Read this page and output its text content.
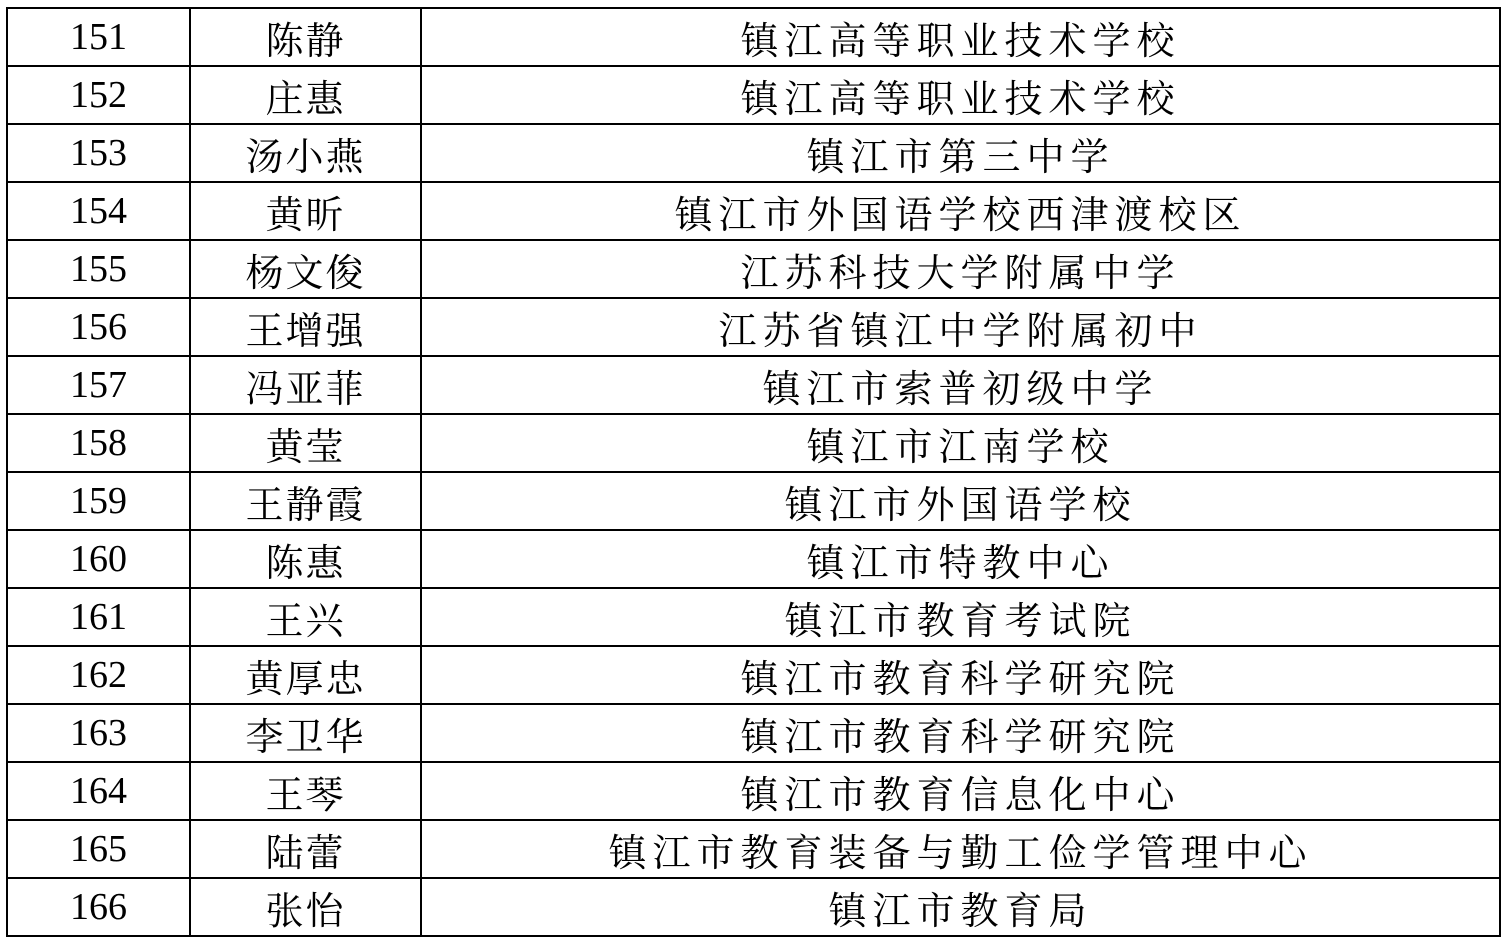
151	陈静	镇江高等职业技术学校
152	庄惠	镇江高等职业技术学校
153	汤小燕	镇江市第三中学
154	黄昕	镇江市外国语学校西津渡校区
155	杨文俊	江苏科技大学附属中学
156	王增强	江苏省镇江中学附属初中
157	冯亚菲	镇江市索普初级中学
158	黄莹	镇江市江南学校
159	王静霞	镇江市外国语学校
160	陈惠	镇江市特教中心
161	王兴	镇江市教育考试院
162	黄厚忠	镇江市教育科学研究院
163	李卫华	镇江市教育科学研究院
164	王琴	镇江市教育信息化中心
165	陆蕾	镇江市教育装备与勤工俭学管理中心
166	张怡	镇江市教育局
